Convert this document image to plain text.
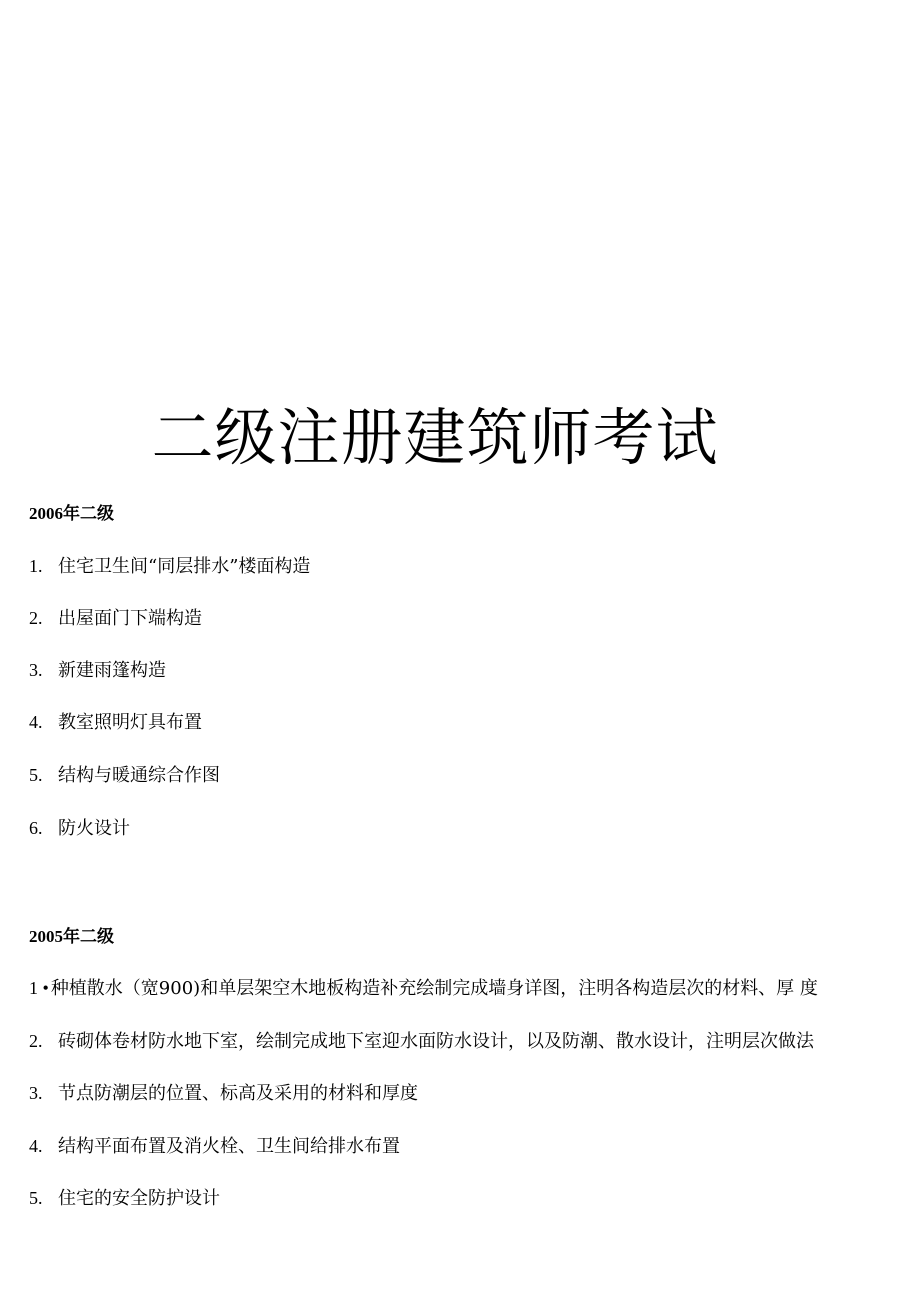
二级注册建筑师考试
2006年二级
1. 住宅卫生间“同层排水”楼面构造
2. 出屋面门下端构造
3. 新建雨篷构造
4. 教室照明灯具布置
5. 结构与暖通综合作图
6. 防火设计
2005年二级
1 • 种植散水（宽900)和单层架空木地板构造补充绘制完成墙身详图，注明各构造层次的材料、厚 度
2. 砖砌体卷材防水地下室，绘制完成地下室迎水面防水设计，以及防潮、散水设计，注明层次做法
3. 节点防潮层的位置、标高及采用的材料和厚度
4. 结构平面布置及消火栓、卫生间给排水布置
5. 住宅的安全防护设计
